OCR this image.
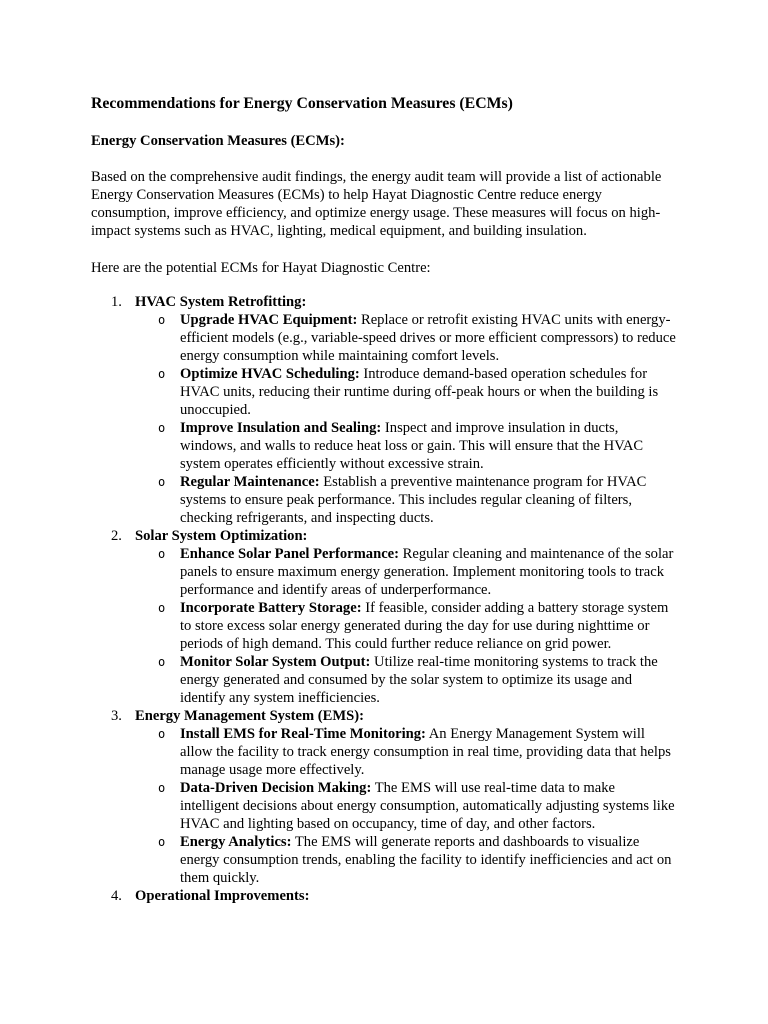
Recommendations for Energy Conservation Measures (ECMs)

Energy Conservation Measures (ECMs):

Based on the comprehensive audit findings, the energy audit team will provide a list of actionable Energy Conservation Measures (ECMs) to help Hayat Diagnostic Centre reduce energy consumption, improve efficiency, and optimize energy usage. These measures will focus on high-impact systems such as HVAC, lighting, medical equipment, and building insulation.

Here are the potential ECMs for Hayat Diagnostic Centre:

1. HVAC System Retrofitting:
o Upgrade HVAC Equipment: Replace or retrofit existing HVAC units with energy-efficient models (e.g., variable-speed drives or more efficient compressors) to reduce energy consumption while maintaining comfort levels.
o Optimize HVAC Scheduling: Introduce demand-based operation schedules for HVAC units, reducing their runtime during off-peak hours or when the building is unoccupied.
o Improve Insulation and Sealing: Inspect and improve insulation in ducts, windows, and walls to reduce heat loss or gain. This will ensure that the HVAC system operates efficiently without excessive strain.
o Regular Maintenance: Establish a preventive maintenance program for HVAC systems to ensure peak performance. This includes regular cleaning of filters, checking refrigerants, and inspecting ducts.
2. Solar System Optimization:
o Enhance Solar Panel Performance: Regular cleaning and maintenance of the solar panels to ensure maximum energy generation. Implement monitoring tools to track performance and identify areas of underperformance.
o Incorporate Battery Storage: If feasible, consider adding a battery storage system to store excess solar energy generated during the day for use during nighttime or periods of high demand. This could further reduce reliance on grid power.
o Monitor Solar System Output: Utilize real-time monitoring systems to track the energy generated and consumed by the solar system to optimize its usage and identify any system inefficiencies.
3. Energy Management System (EMS):
o Install EMS for Real-Time Monitoring: An Energy Management System will allow the facility to track energy consumption in real time, providing data that helps manage usage more effectively.
o Data-Driven Decision Making: The EMS will use real-time data to make intelligent decisions about energy consumption, automatically adjusting systems like HVAC and lighting based on occupancy, time of day, and other factors.
o Energy Analytics: The EMS will generate reports and dashboards to visualize energy consumption trends, enabling the facility to identify inefficiencies and act on them quickly.
4. Operational Improvements:
